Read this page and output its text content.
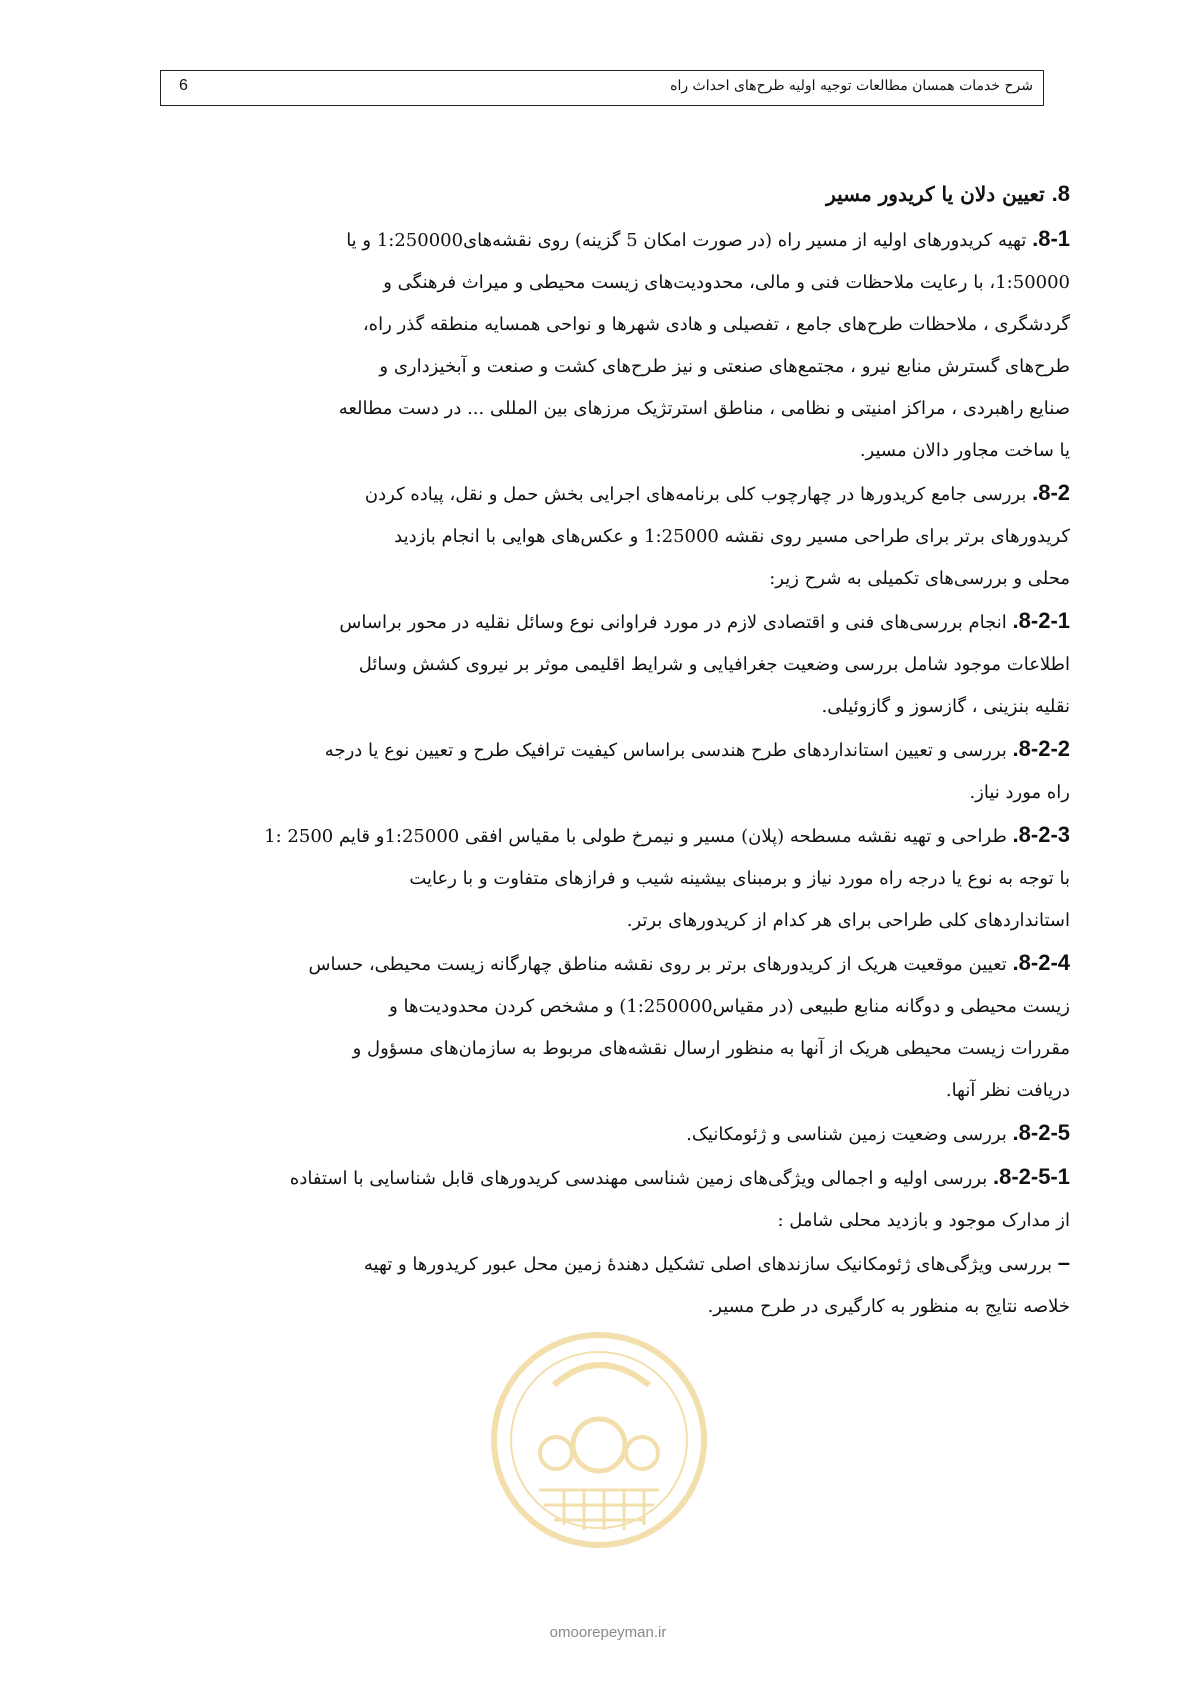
شرح خدمات همسان مطالعات توجیه اولیه طرح‌های احداث راه
6
8. تعیین دلان یا کریدور مسیر
8-1. تهیه کریدورهای اولیه از مسیر راه (در صورت امکان 5 گزینه) روی نقشه‌های1:250000 و یا
1:50000، با رعایت ملاحظات فنی و مالی، محدودیت‌های زیست محیطی و میراث فرهنگی و
گردشگری ، ملاحظات طرح‌های جامع ، تفصیلی و هادی شهرها و نواحی همسایه منطقه گذر راه،
طرح‌های گسترش منابع نیرو ، مجتمع‌های صنعتی و نیز طرح‌های کشت و صنعت و آبخیزداری و
صنایع راهبردی ، مراکز امنیتی و نظامی ، مناطق استرتژیک مرزهای بین المللی ... در دست مطالعه
یا ساخت مجاور دالان مسیر.
8-2. بررسی جامع کریدورها در چهارچوب کلی برنامه‌های اجرایی بخش حمل و نقل، پیاده کردن
کریدورهای برتر برای طراحی مسیر روی نقشه 1:25000 و عکس‌های هوایی با انجام بازدید
محلی و بررسی‌های تکمیلی به شرح زیر:
8-2-1. انجام بررسی‌های فنی و اقتصادی لازم در مورد فراوانی نوع وسائل نقلیه در محور براساس
اطلاعات موجود شامل بررسی وضعیت جغرافیایی و شرایط اقلیمی موثر بر نیروی کشش وسائل
نقلیه بنزینی ، گازسوز و گازوئیلی.
8-2-2. بررسی و تعیین استانداردهای طرح هندسی براساس کیفیت ترافیک طرح و تعیین نوع یا درجه
راه مورد نیاز.
8-2-3. طراحی و تهیه نقشه مسطحه (پلان) مسیر و نیمرخ طولی با مقیاس افقی 1:25000و قایم 2500 :1
با توجه به نوع یا درجه راه مورد نیاز و برمبنای بیشینه شیب و فرازهای متفاوت و با رعایت
استانداردهای کلی طراحی برای هر کدام از کریدورهای برتر.
8-2-4. تعیین موقعیت هریک از کریدورهای برتر بر روی نقشه مناطق چهارگانه زیست محیطی، حساس
زیست محیطی و دوگانه منابع طبیعی (در مقیاس1:250000) و مشخص کردن محدودیت‌ها و
مقررات زیست محیطی هریک از آنها به منظور ارسال نقشه‌های مربوط به سازمان‌های مسؤول و
دریافت نظر آنها.
8-2-5. بررسی وضعیت زمین شناسی و ژئومکانیک.
8-2-5-1. بررسی اولیه و اجمالی ویژگی‌های زمین شناسی مهندسی کریدورهای قابل شناسایی با استفاده
از مدارک موجود و بازدید محلی شامل :
– بررسی ویژگی‌های ژئومکانیک سازندهای اصلی تشکیل دهندهٔ زمین محل عبور کریدورها و تهیه
خلاصه نتایج به منظور به کارگیری در طرح مسیر.
omoorepeyman.ir
